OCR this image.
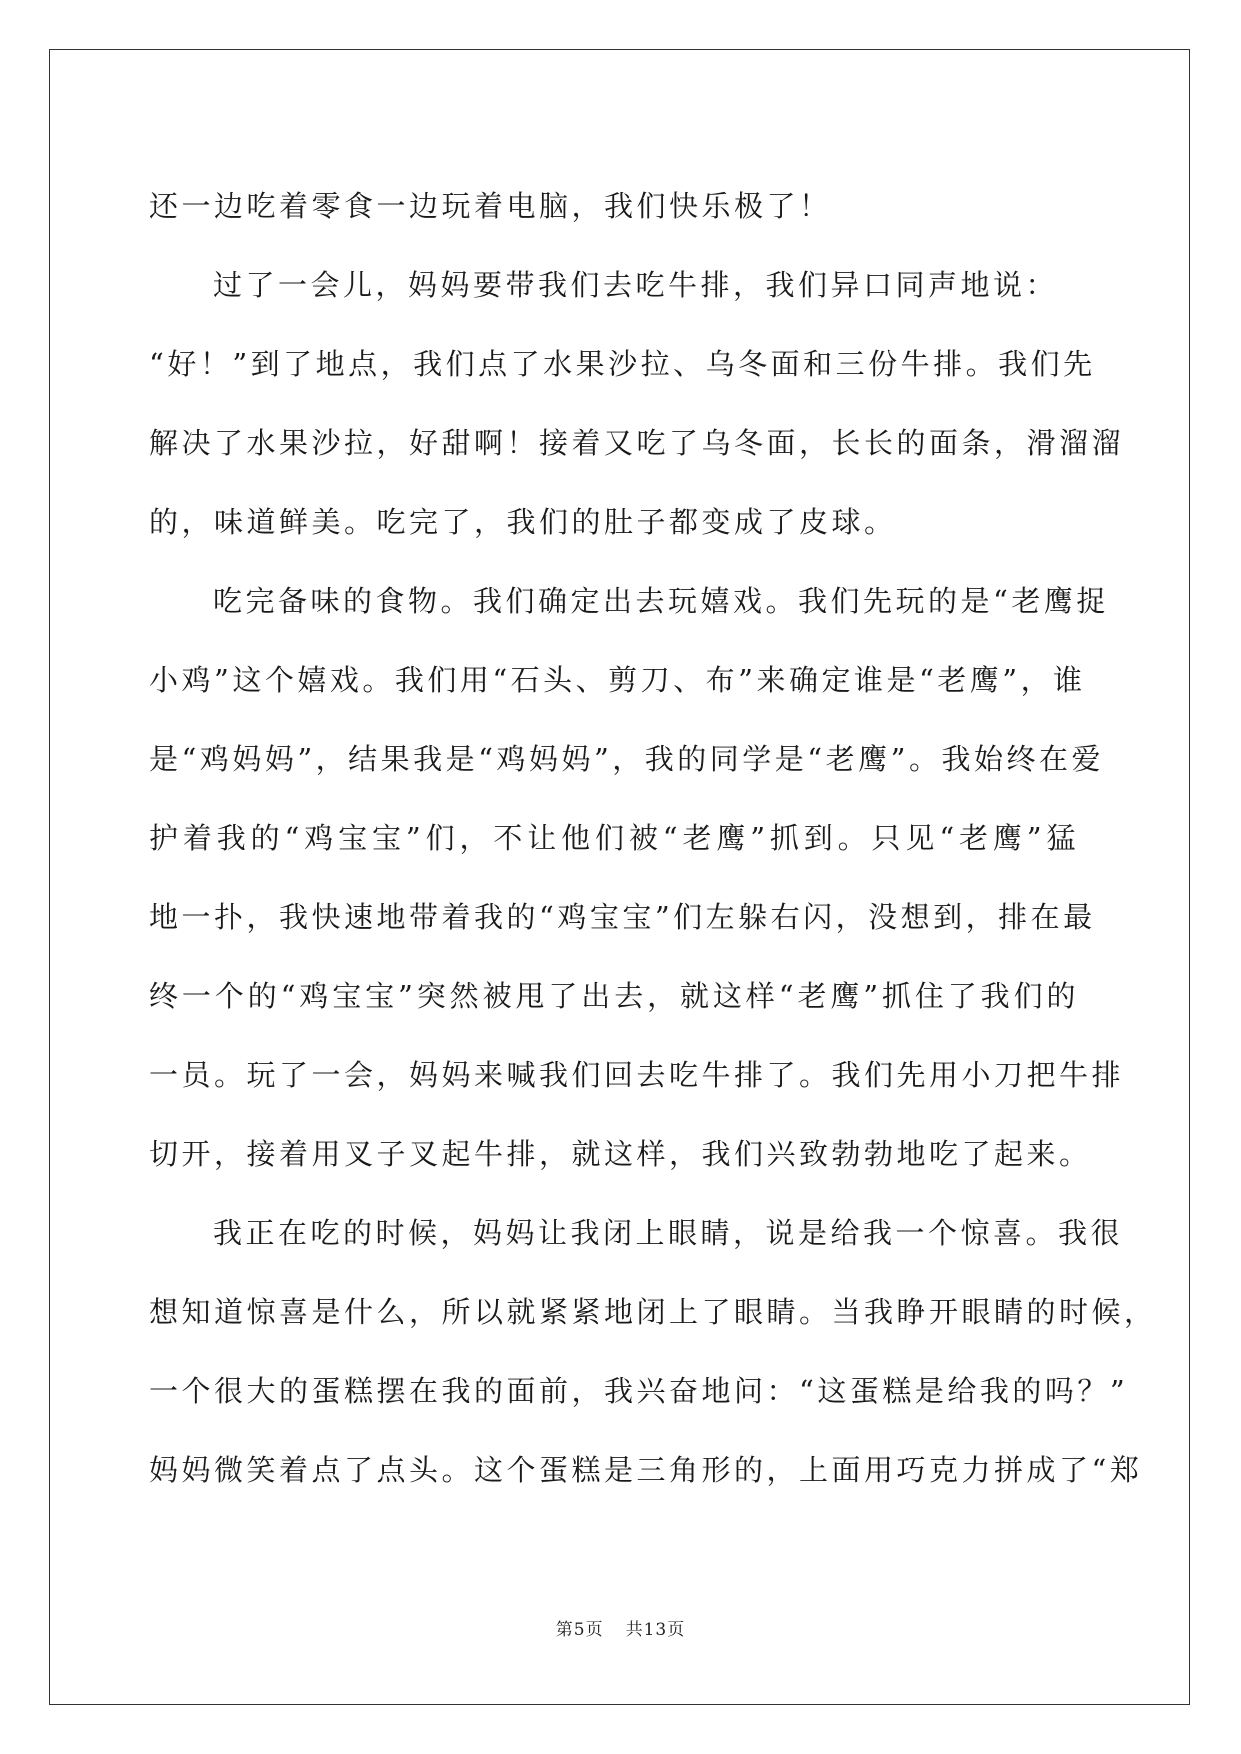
还一边吃着零食一边玩着电脑，我们快乐极了！
过了一会儿，妈妈要带我们去吃牛排，我们异口同声地说：
“好！”到了地点，我们点了水果沙拉、乌冬面和三份牛排。我们先
解决了水果沙拉，好甜啊！接着又吃了乌冬面，长长的面条，滑溜溜
的，味道鲜美。吃完了，我们的肚子都变成了皮球。
吃完备味的食物。我们确定出去玩嬉戏。我们先玩的是“老鹰捉
小鸡”这个嬉戏。我们用“石头、剪刀、布”来确定谁是“老鹰”，谁
是“鸡妈妈”，结果我是“鸡妈妈”，我的同学是“老鹰”。我始终在爱
护着我的“鸡宝宝”们，不让他们被“老鹰”抓到。只见“老鹰”猛
地一扑，我快速地带着我的“鸡宝宝”们左躲右闪，没想到，排在最
终一个的“鸡宝宝”突然被甩了出去，就这样“老鹰”抓住了我们的
一员。玩了一会，妈妈来喊我们回去吃牛排了。我们先用小刀把牛排
切开，接着用叉子叉起牛排，就这样，我们兴致勃勃地吃了起来。
我正在吃的时候，妈妈让我闭上眼睛，说是给我一个惊喜。我很
想知道惊喜是什么，所以就紧紧地闭上了眼睛。当我睁开眼睛的时候，
一个很大的蛋糕摆在我的面前，我兴奋地问：“这蛋糕是给我的吗？”
妈妈微笑着点了点头。这个蛋糕是三角形的，上面用巧克力拼成了“郑
第5页 共13页
